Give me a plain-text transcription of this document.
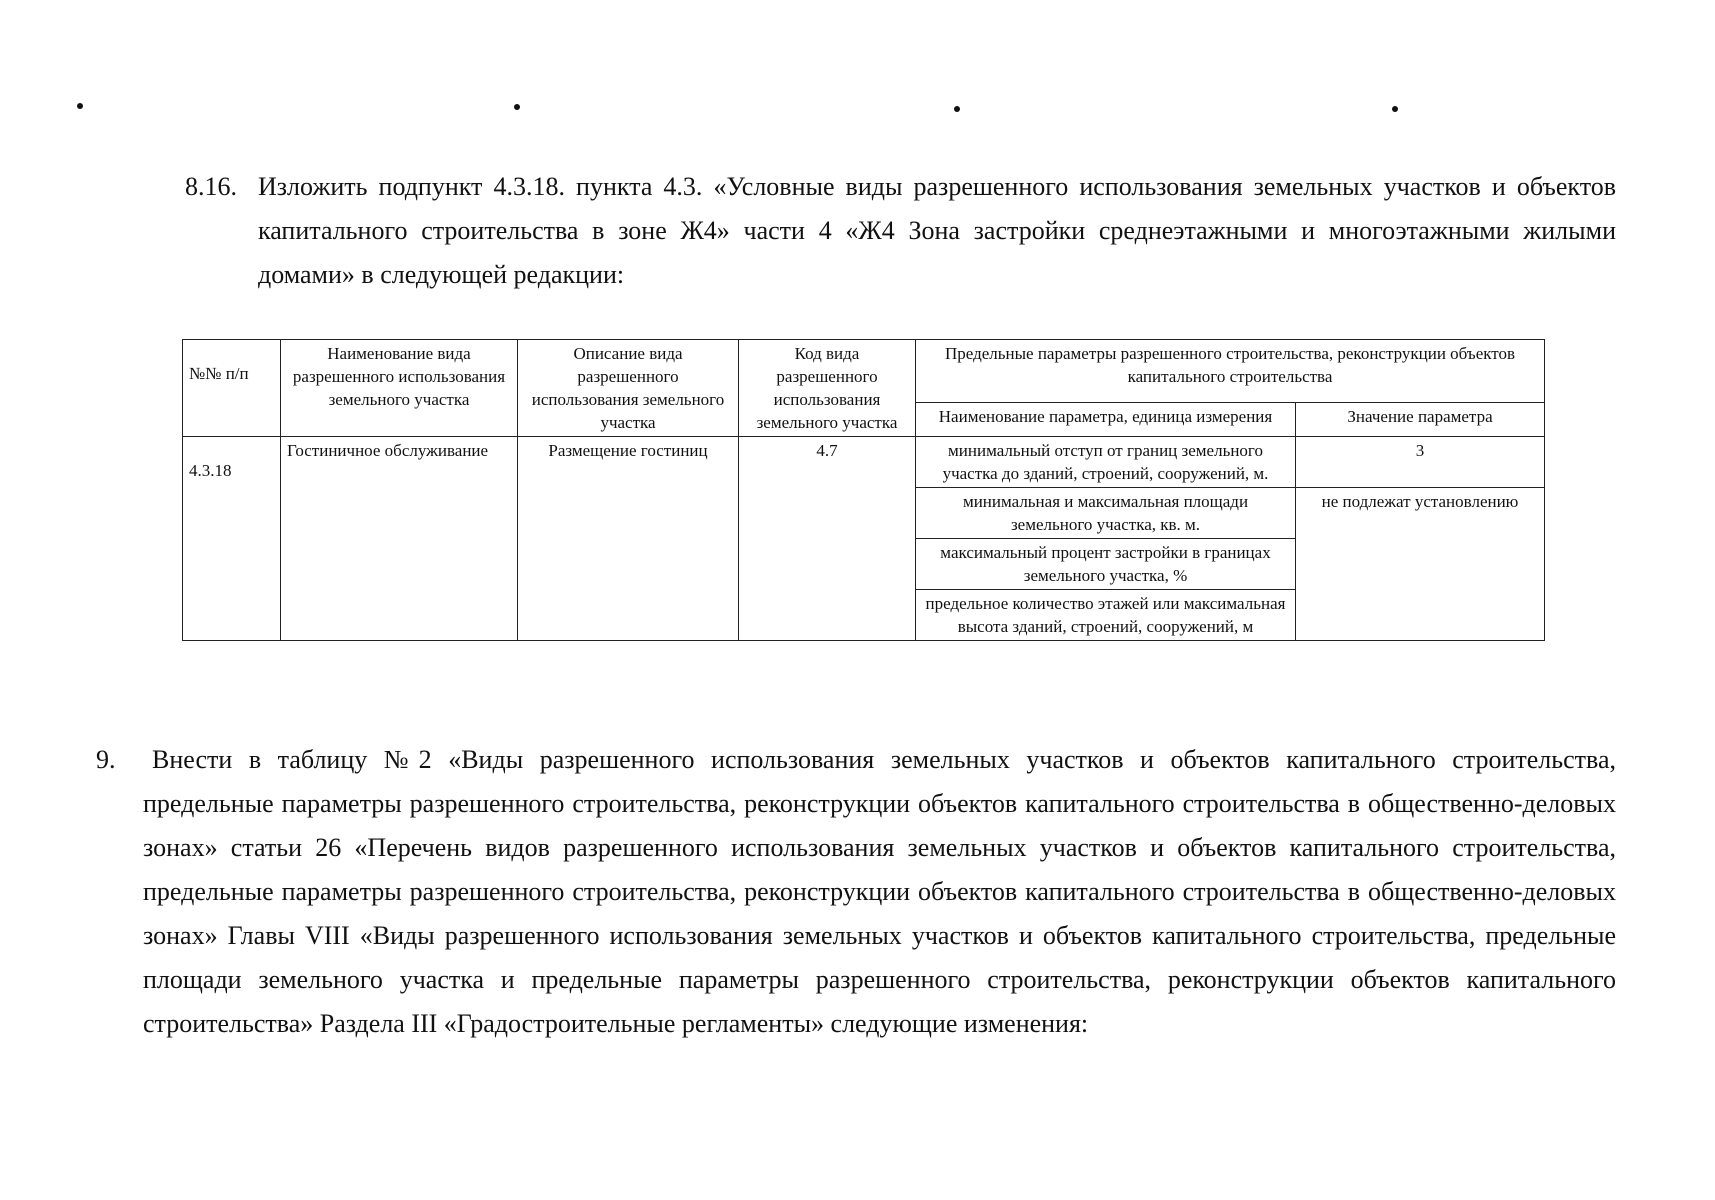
8.16. Изложить подпункт 4.3.18. пункта 4.3. «Условные виды разрешенного использования земельных участков и объектов капитального строительства в зоне Ж4» части 4 «Ж4 Зона застройки среднеэтажными и многоэтажными жилыми домами» в следующей редакции:
№№ п/п	Наименование вида разрешенного использования земельного участка	Описание вида разрешенного использования земельного участка	Код вида разрешенного использования земельного участка	Предельные параметры разрешенного строительства, реконструкции объектов капитального строительства	
				Наименование параметра, единица измерения	Значение параметра
4.3.18	Гостиничное обслуживание	Размещение гостиниц	4.7	минимальный отступ от границ земельного участка до зданий, строений, сооружений, м.	3
				минимальная и максимальная площади земельного участка, кв. м.	не подлежат установлению
				максимальный процент застройки в границах земельного участка, %	
				предельное количество этажей или максимальная высота зданий, строений, сооружений, м	
9.	Внести в таблицу №2 «Виды разрешенного использования земельных участков и объектов капитального строительства, предельные параметры разрешенного строительства, реконструкции объектов капитального строительства в общественно-деловых зонах» статьи 26 «Перечень видов разрешенного использования земельных участков и объектов капитального строительства, предельные параметры разрешенного строительства, реконструкции объектов капитального строительства в общественно-деловых зонах» Главы VIII «Виды разрешенного использования земельных участков и объектов капитального строительства, предельные площади земельного участка и предельные параметры разрешенного строительства, реконструкции объектов капитального строительства» Раздела III «Градостроительные регламенты» следующие изменения:
